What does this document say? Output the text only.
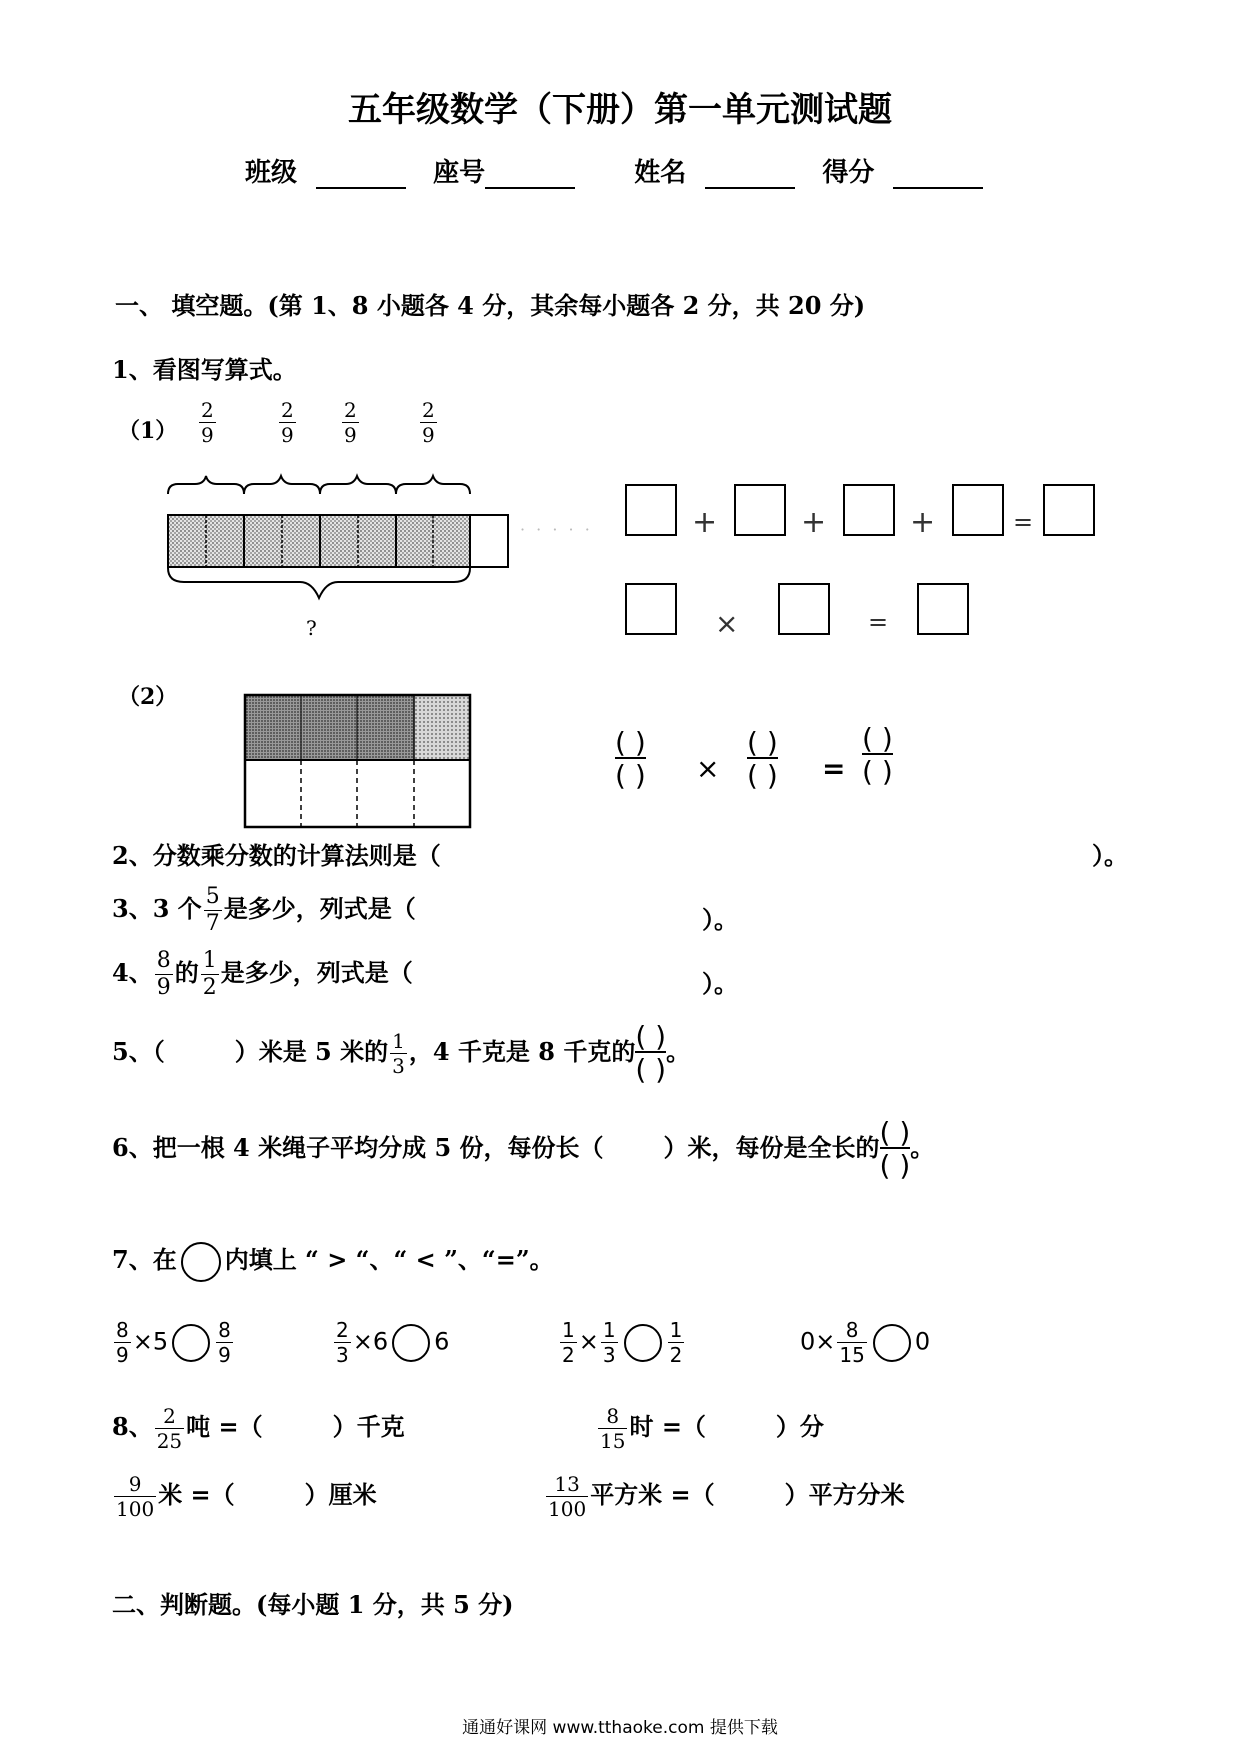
五年级数学（下册）第一单元测试题
班级	座号	姓名	得分
一、 填空题。(第 1、8 小题各 4 分，其余每小题各 2 分，共 20 分)
1、看图写算式。
$(1) \frac{2}{9}$	$\frac{2}{9} \frac{2}{9}$	$\frac{2}{9}$
?
· · · · ·	+	+	+	=
×	=
（2）
( )
( ) ×
( )
( ) =
( )
( )
2、分数乘分数的计算法则是（	）。
3、3 个 $\frac{5}{7}$ 是多少，列式是（	）。
4、 $\frac{8}{9}$ 的 $\frac{1}{2}$ 是多少，列式是（	）。
5、（	）米是 5 米的 $\frac{1}{3}$ ，4 千克是 8 千克的 ( )
( )
。
6、把一根 4 米绳子平均分成 5 份，每份长（	）米，每份是全长的 ( )
( )
。
7、在 内填上 “ > “、“ < ”、“=”。
$\frac{8}{9} \times 5 \frac{8}{9}$	$\frac{2}{3} \times 6$ 6	$\frac{1}{2} \times \frac{1}{3}$	$\frac{1}{2}$	$0\times \frac{8}{15} 0$
8、 $\frac{2}{25}$ 吨 =（	）千克	$\frac{8}{15}$ 时 =（	）分
$\frac{9}{100}$ 米 =（	）厘米	$\frac{13}{100}$ 平方米 =（	）平方分米
二、判断题。(每小题 1 分，共 5 分)
通通好课网 www.tthaoke.com 提供下载
